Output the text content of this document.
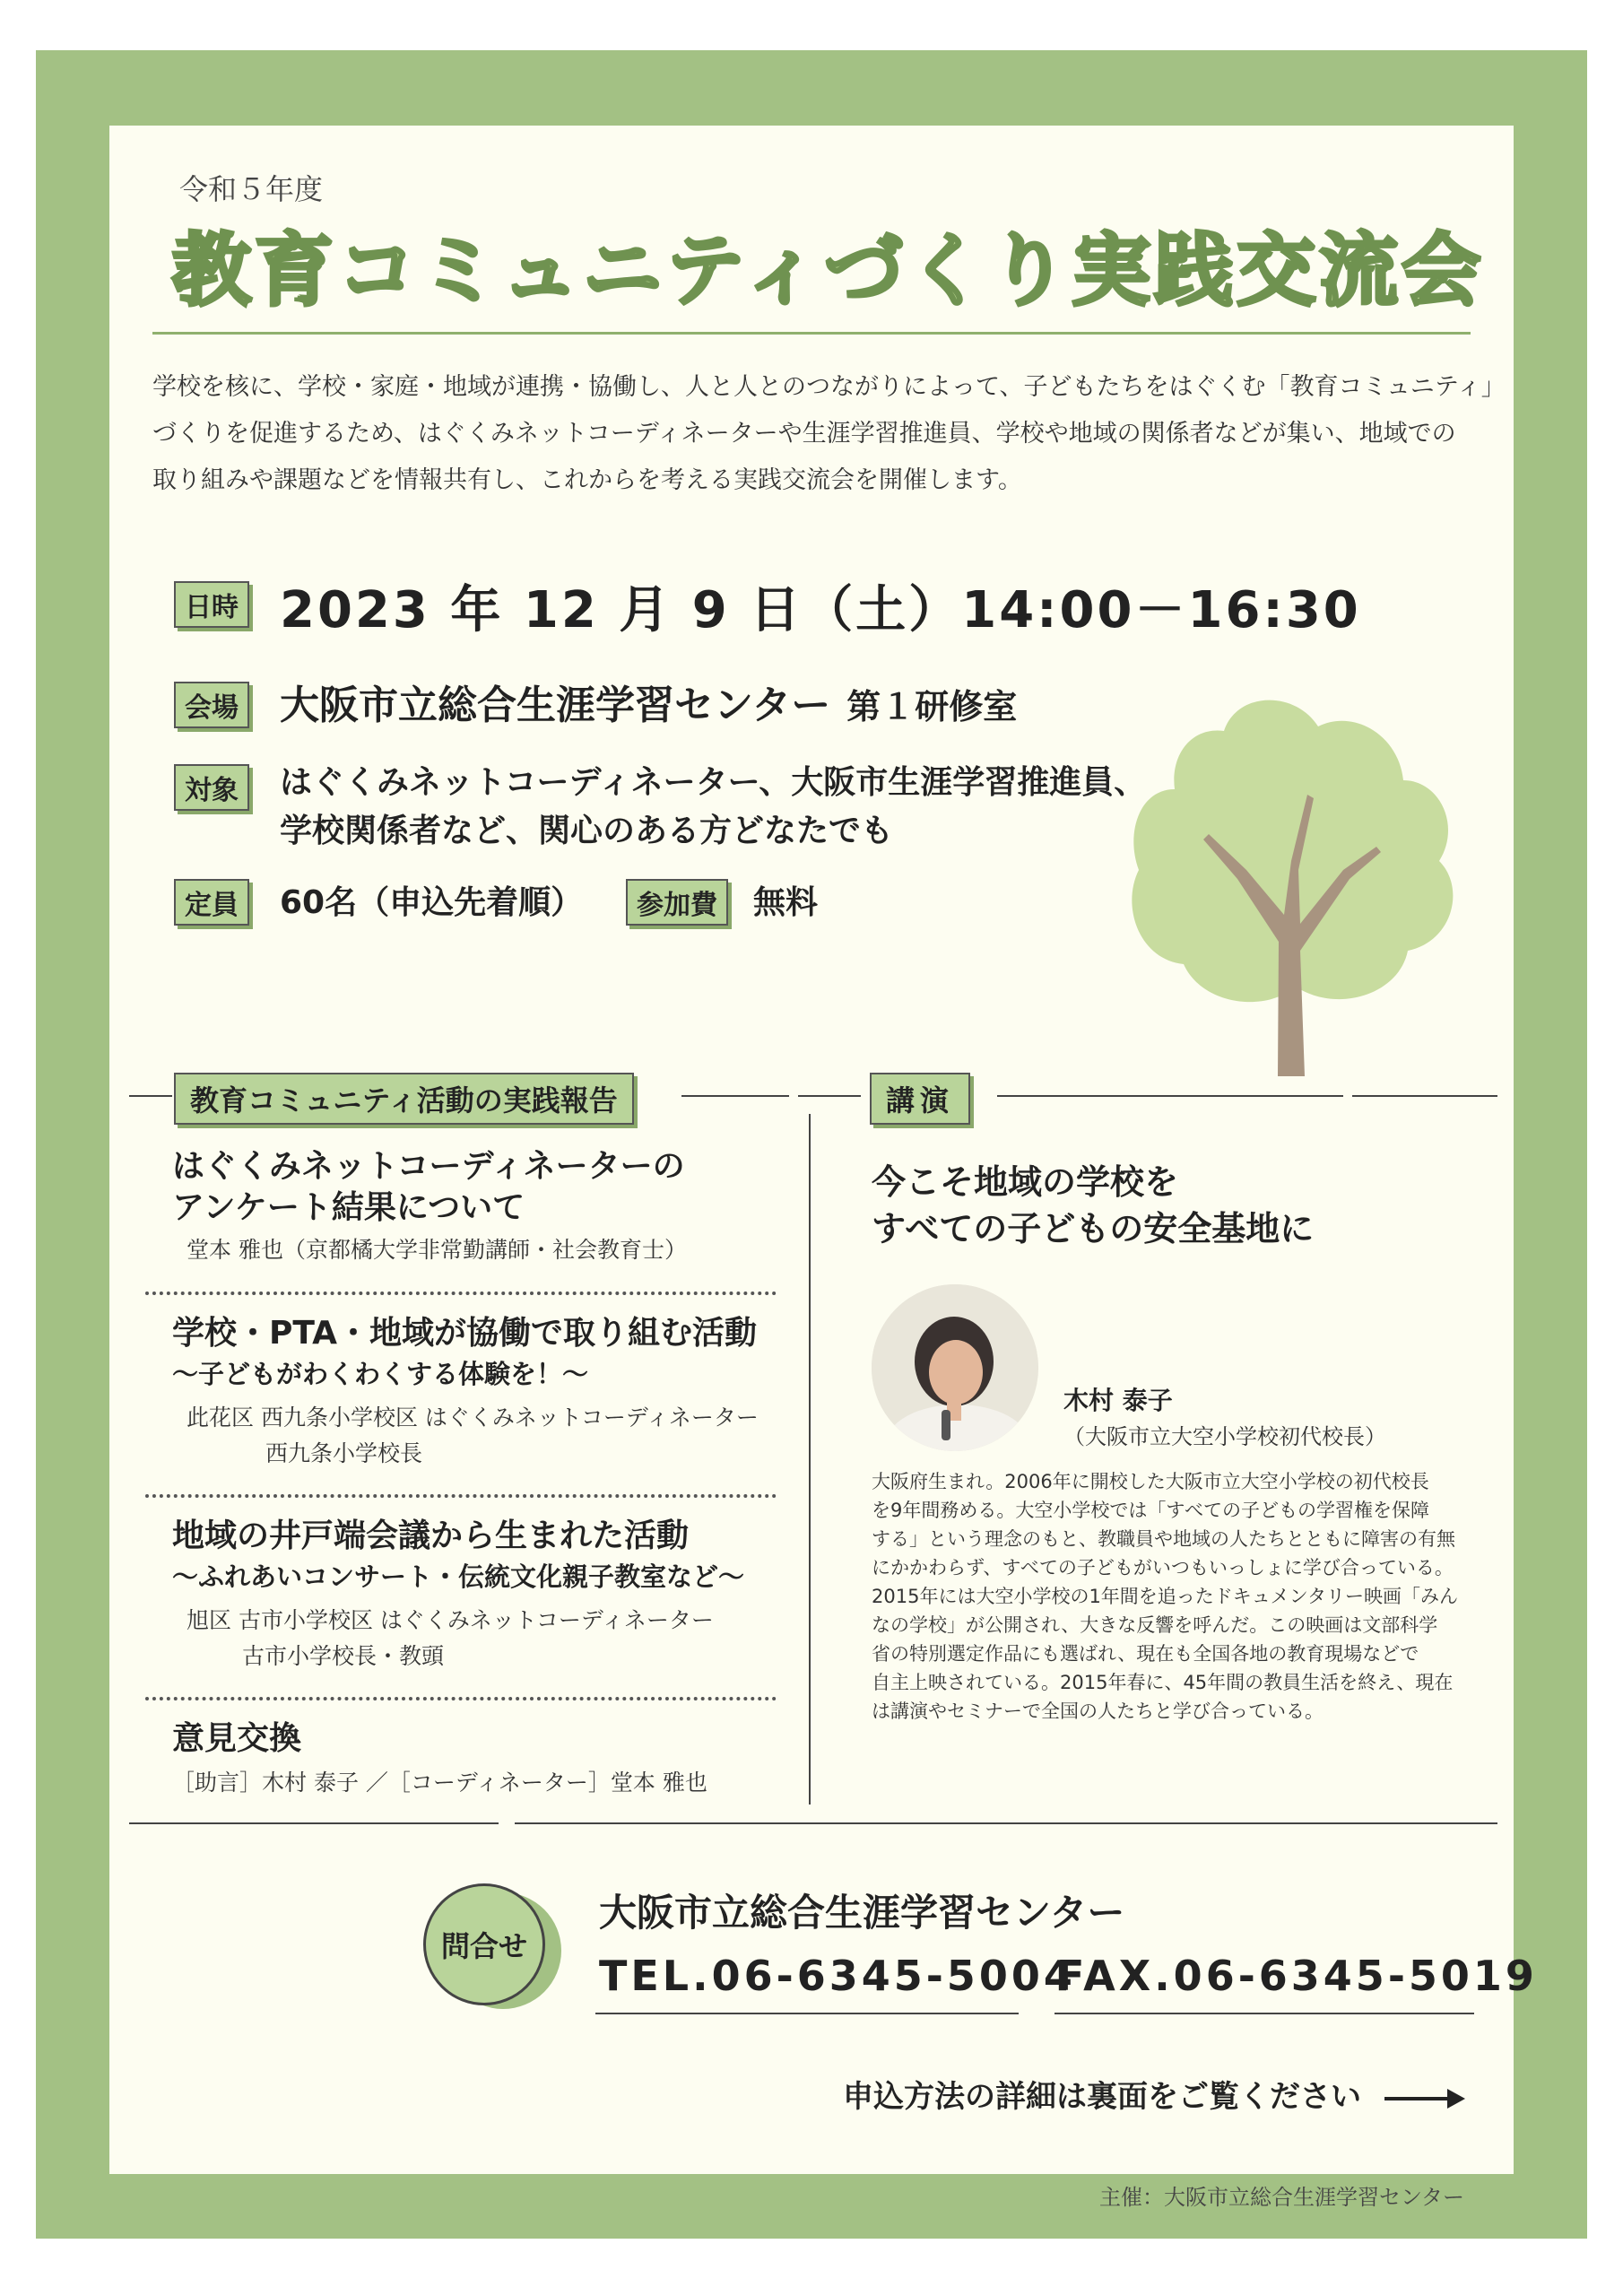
令和５年度
教育コミュニティづくり実践交流会

学校を核に、学校・家庭・地域が連携・協働し、人と人とのつながりによって、子どもたちをはぐくむ「教育コミュニティ」

づくりを促進するため、はぐくみネットコーディネーターや生涯学習推進員、学校や地域の関係者などが集い、地域での

取り組みや課題などを情報共有し、これからを考える実践交流会を開催します。

日時 2023 年 12 月 9 日（土）14:00－16:30
会場 大阪市立総合生涯学習センター 第１研修室
対象	はぐくみネットコーディネーター、大阪市生涯学習推進員、
学校関係者など、関心のある方どなたでも
定員	60名（申込先着順）	参加費	無料
教育コミュニティ活動の実践報告	講演
はぐくみネットコーディネーターの
アンケート結果について
堂本 雅也（京都橘大学非常勤講師・社会教育士）
学校・PTA・地域が協働で取り組む活動
～子どもがわくわくする体験を！～
此花区 西九条小学校区 はぐくみネットコーディネーター
西九条小学校長
地域の井戸端会議から生まれた活動
～ふれあいコンサート・伝統文化親子教室など～
旭区 古市小学校区 はぐくみネットコーディネーター
古市小学校長・教頭
意見交換
［助言］木村 泰子 ／［コーディネーター］堂本 雅也
今こそ地域の学校を
すべての子どもの安全基地に
木村 泰子
（大阪市立大空小学校初代校長）
大阪府生まれ。2006年に開校した大阪市立大空小学校の初代校長
を9年間務める。大空小学校では「すべての子どもの学習権を保障
する」という理念のもと、教職員や地域の人たちとともに障害の有無
にかかわらず、すべての子どもがいつもいっしょに学び合っている。
2015年には大空小学校の1年間を追ったドキュメンタリー映画「みん
なの学校」が公開され、大きな反響を呼んだ。この映画は文部科学
省の特別選定作品にも選ばれ、現在も全国各地の教育現場などで
自主上映されている。2015年春に、45年間の教員生活を終え、現在
は講演やセミナーで全国の人たちと学び合っている。
問合せ
大阪市立総合生涯学習センター
TEL.06-6345-5004
FAX.06-6345-5019
申込方法の詳細は裏面をご覧ください
主催：大阪市立総合生涯学習センター
